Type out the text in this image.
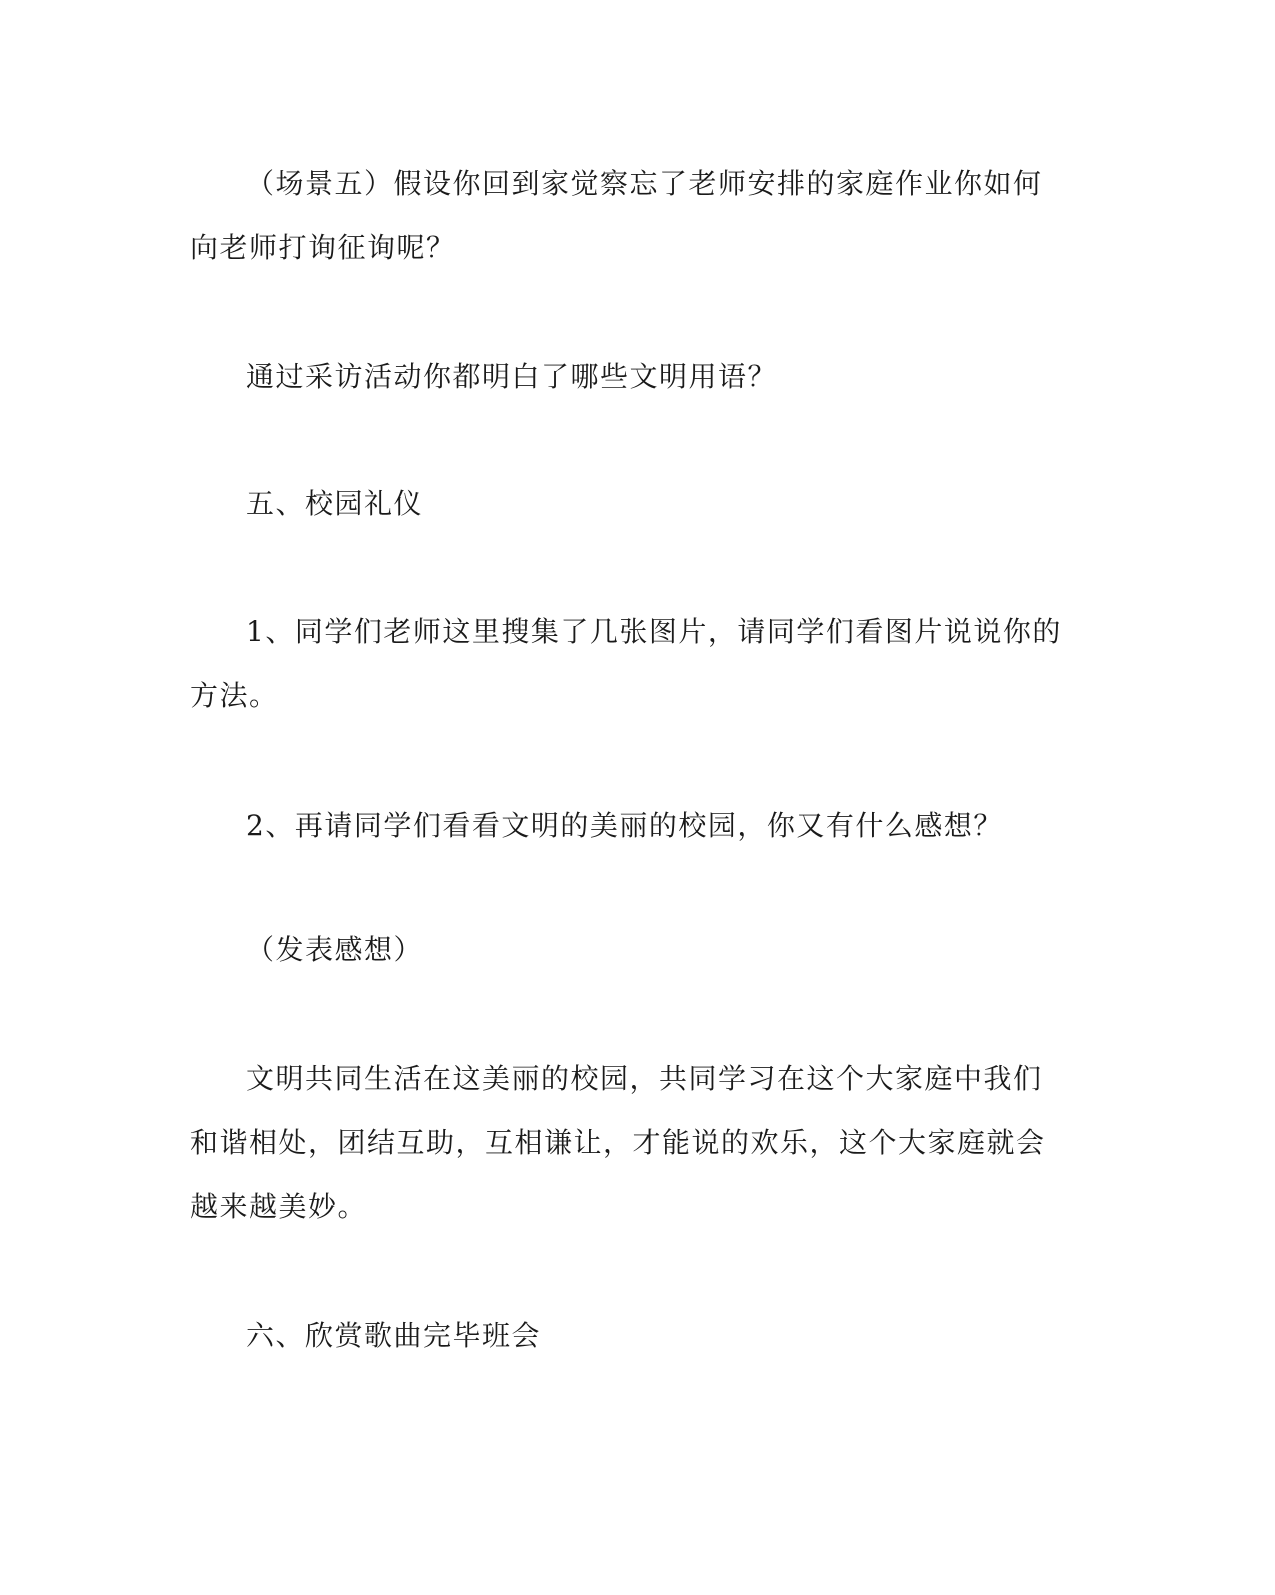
（场景五）假设你回到家觉察忘了老师安排的家庭作业你如何向老师打询征询呢？

通过采访活动你都明白了哪些文明用语？

五、校园礼仪

1、同学们老师这里搜集了几张图片，请同学们看图片说说你的方法。

2、再请同学们看看文明的美丽的校园，你又有什么感想？

（发表感想）

文明共同生活在这美丽的校园，共同学习在这个大家庭中我们和谐相处，团结互助，互相谦让，才能说的欢乐，这个大家庭就会越来越美妙。

六、欣赏歌曲完毕班会
